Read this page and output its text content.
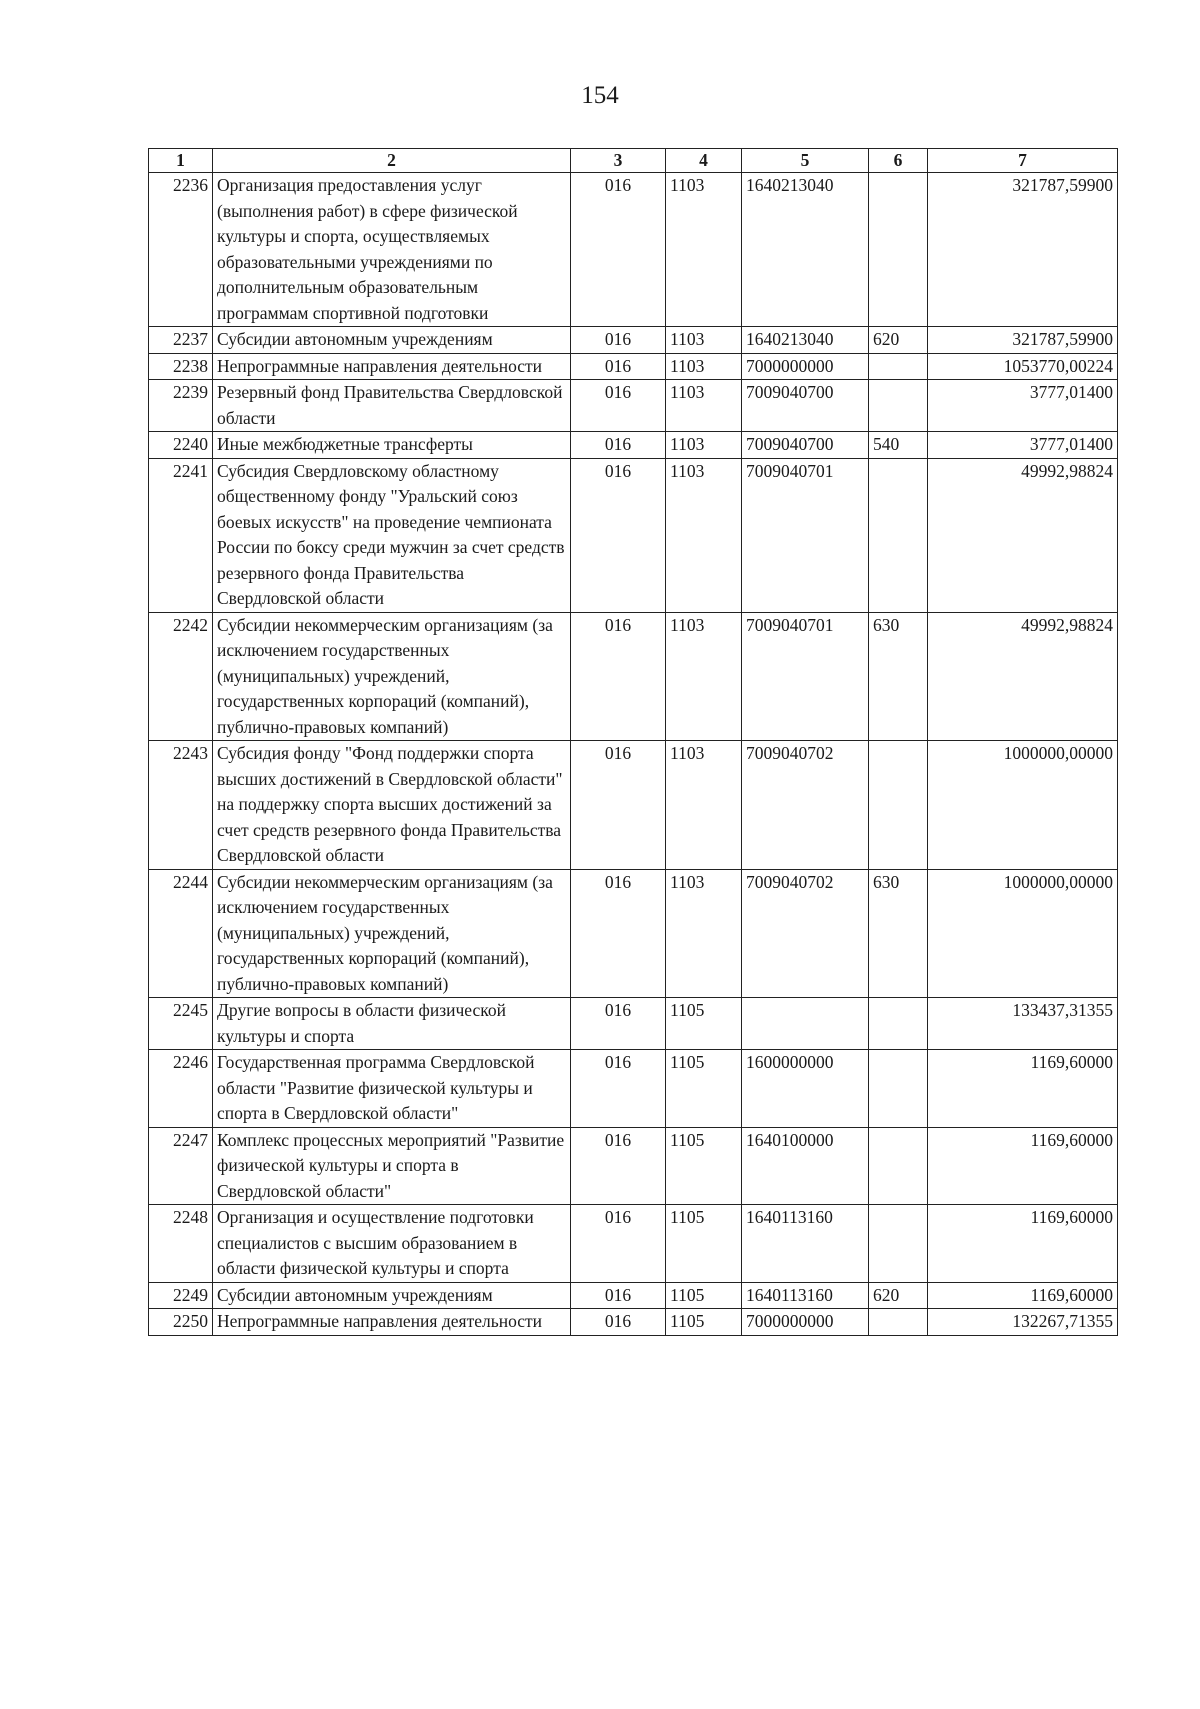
154
1	2	3	4	5	6	7
2236	Организация предоставления услуг (выполнения работ) в сфере физической культуры и спорта, осуществляемых образовательными учреждениями по дополнительным образовательным программам спортивной подготовки	016	1103	1640213040		321787,59900
2237	Субсидии автономным учреждениям	016	1103	1640213040	620	321787,59900
2238	Непрограммные направления деятельности	016	1103	7000000000		1053770,00224
2239	Резервный фонд Правительства Свердловской области	016	1103	7009040700		3777,01400
2240	Иные межбюджетные трансферты	016	1103	7009040700	540	3777,01400
2241	Субсидия Свердловскому областному общественному фонду "Уральский союз боевых искусств" на проведение чемпионата России по боксу среди мужчин за счет средств резервного фонда Правительства Свердловской области	016	1103	7009040701		49992,98824
2242	Субсидии некоммерческим организациям (за исключением государственных (муниципальных) учреждений, государственных корпораций (компаний), публично-правовых компаний)	016	1103	7009040701	630	49992,98824
2243	Субсидия фонду "Фонд поддержки спорта высших достижений в Свердловской области" на поддержку спорта высших достижений за счет средств резервного фонда Правительства Свердловской области	016	1103	7009040702		1000000,00000
2244	Субсидии некоммерческим организациям (за исключением государственных (муниципальных) учреждений, государственных корпораций (компаний), публично-правовых компаний)	016	1103	7009040702	630	1000000,00000
2245	Другие вопросы в области физической культуры и спорта	016	1105			133437,31355
2246	Государственная программа Свердловской области "Развитие физической культуры и спорта в Свердловской области"	016	1105	1600000000		1169,60000
2247	Комплекс процессных мероприятий "Развитие физической культуры и спорта в Свердловской области"	016	1105	1640100000		1169,60000
2248	Организация и осуществление подготовки специалистов с высшим образованием в области физической культуры и спорта	016	1105	1640113160		1169,60000
2249	Субсидии автономным учреждениям	016	1105	1640113160	620	1169,60000
2250	Непрограммные направления деятельности	016	1105	7000000000		132267,71355
